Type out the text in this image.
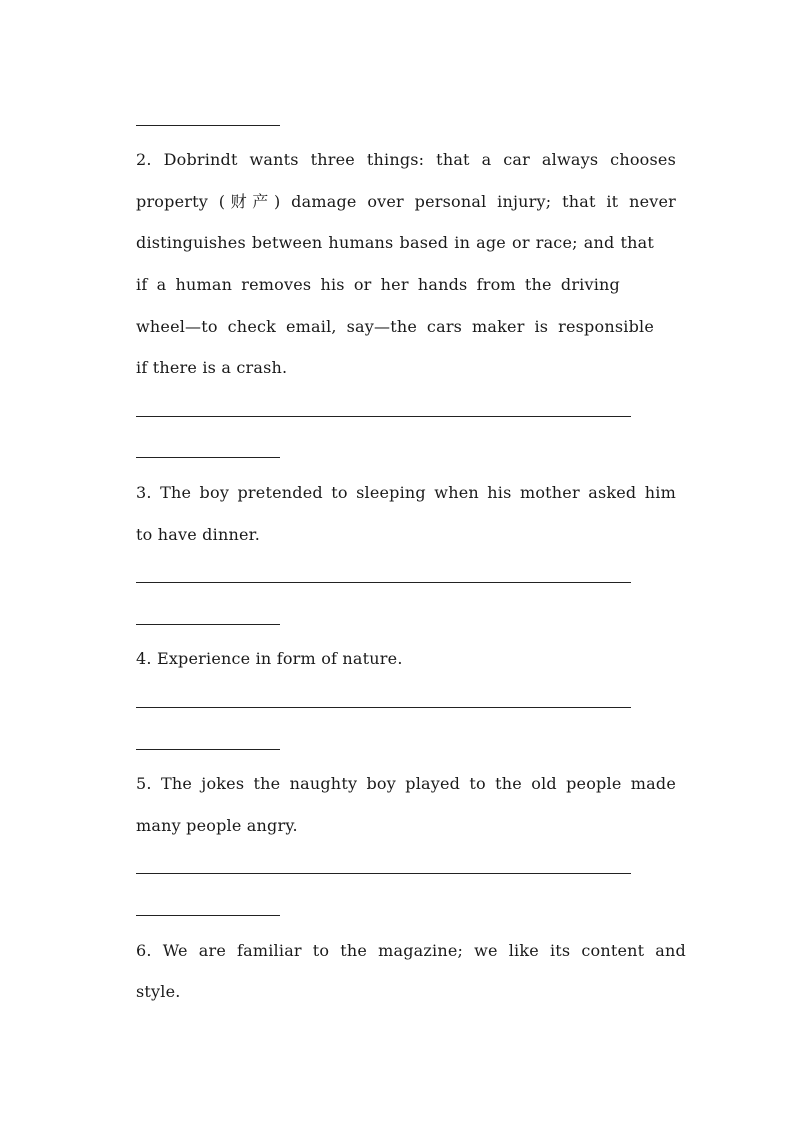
2. Dobrindt wants three things: that a car always chooses
property (财产) damage over personal injury; that it never
distinguishes between humans based in age or race; and that
if a human removes his or her hands from the driving
wheel—to check email, say—the cars maker is responsible
if there is a crash.
3. The boy pretended to sleeping when his mother asked him
to have dinner.
4. Experience in form of nature.
5. The jokes the naughty boy played to the old people made
many people angry.
6. We are familiar to the magazine; we like its content and
style.
